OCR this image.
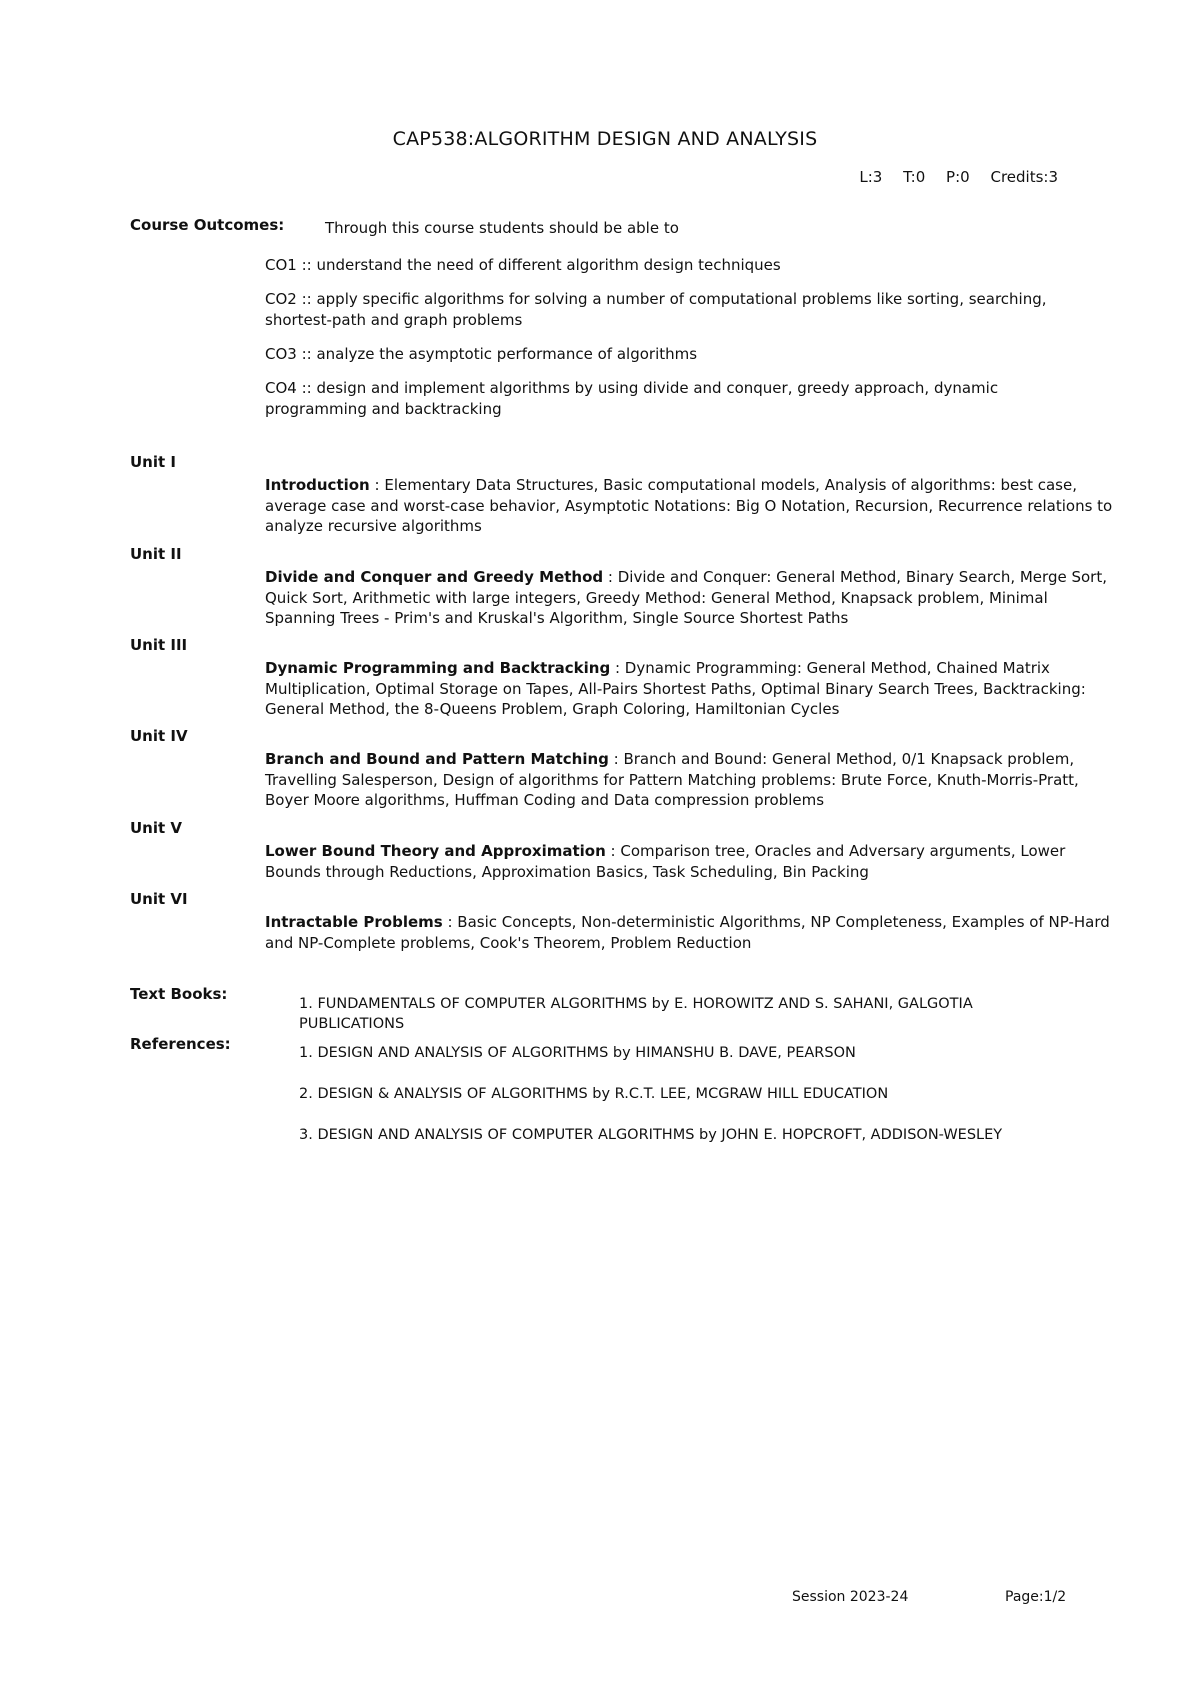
CAP538:ALGORITHM DESIGN AND ANALYSIS
L:3 T:0 P:0 Credits:3
Course Outcomes:	Through this course students should be able to
CO1 :: understand the need of different algorithm design techniques
CO2 :: apply specific algorithms for solving a number of computational problems like sorting, searching, shortest-path and graph problems
CO3 :: analyze the asymptotic performance of algorithms
CO4 :: design and implement algorithms by using divide and conquer, greedy approach, dynamic programming and backtracking
Unit I
Introduction : Elementary Data Structures, Basic computational models, Analysis of algorithms: best case, average case and worst-case behavior, Asymptotic Notations: Big O Notation, Recursion, Recurrence relations to analyze recursive algorithms
Unit II
Divide and Conquer and Greedy Method : Divide and Conquer: General Method, Binary Search, Merge Sort, Quick Sort, Arithmetic with large integers, Greedy Method: General Method, Knapsack problem, Minimal Spanning Trees - Prim's and Kruskal's Algorithm, Single Source Shortest Paths
Unit III
Dynamic Programming and Backtracking : Dynamic Programming: General Method, Chained Matrix Multiplication, Optimal Storage on Tapes, All-Pairs Shortest Paths, Optimal Binary Search Trees, Backtracking: General Method, the 8-Queens Problem, Graph Coloring, Hamiltonian Cycles
Unit IV
Branch and Bound and Pattern Matching : Branch and Bound: General Method, 0/1 Knapsack problem, Travelling Salesperson, Design of algorithms for Pattern Matching problems: Brute Force, Knuth-Morris-Pratt, Boyer Moore algorithms, Huffman Coding and Data compression problems
Unit V
Lower Bound Theory and Approximation : Comparison tree, Oracles and Adversary arguments, Lower Bounds through Reductions, Approximation Basics, Task Scheduling, Bin Packing
Unit VI
Intractable Problems : Basic Concepts, Non-deterministic Algorithms, NP Completeness, Examples of NP-Hard and NP-Complete problems, Cook's Theorem, Problem Reduction
Text Books:
1. FUNDAMENTALS OF COMPUTER ALGORITHMS by E. HOROWITZ AND S. SAHANI, GALGOTIA PUBLICATIONS
References:	1. DESIGN AND ANALYSIS OF ALGORITHMS by HIMANSHU B. DAVE, PEARSON
2. DESIGN & ANALYSIS OF ALGORITHMS by R.C.T. LEE, MCGRAW HILL EDUCATION
3. DESIGN AND ANALYSIS OF COMPUTER ALGORITHMS by JOHN E. HOPCROFT, ADDISON-WESLEY
Session 2023-24	Page:1/2
